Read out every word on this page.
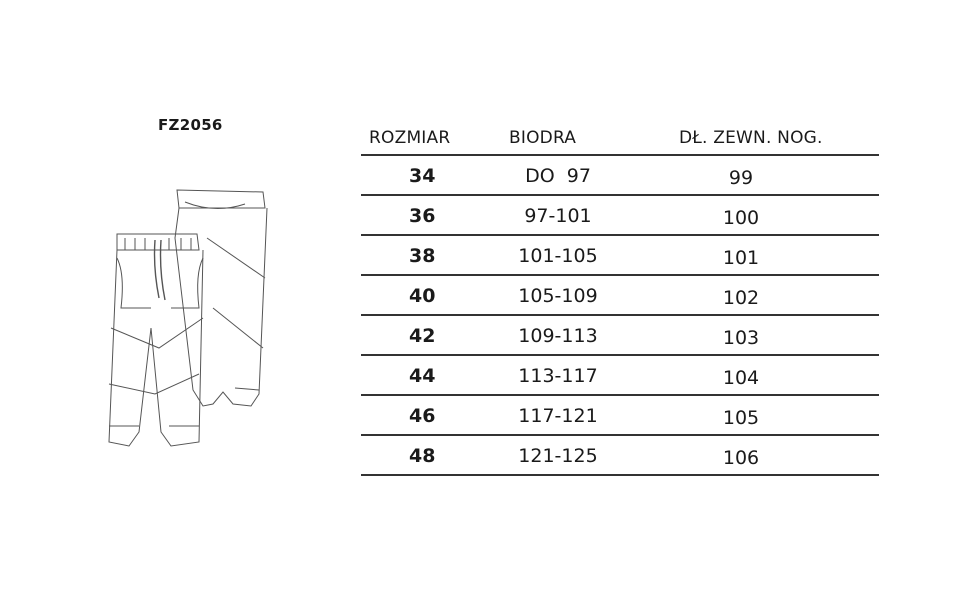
FZ2056
ROZMIAR	BIODRA	DŁ. ZEWN. NOG.
34	DO  97	99
36	97-101	100
38	101-105	101
40	105-109	102
42	109-113	103
44	113-117	104
46	117-121	105
48	121-125	106
